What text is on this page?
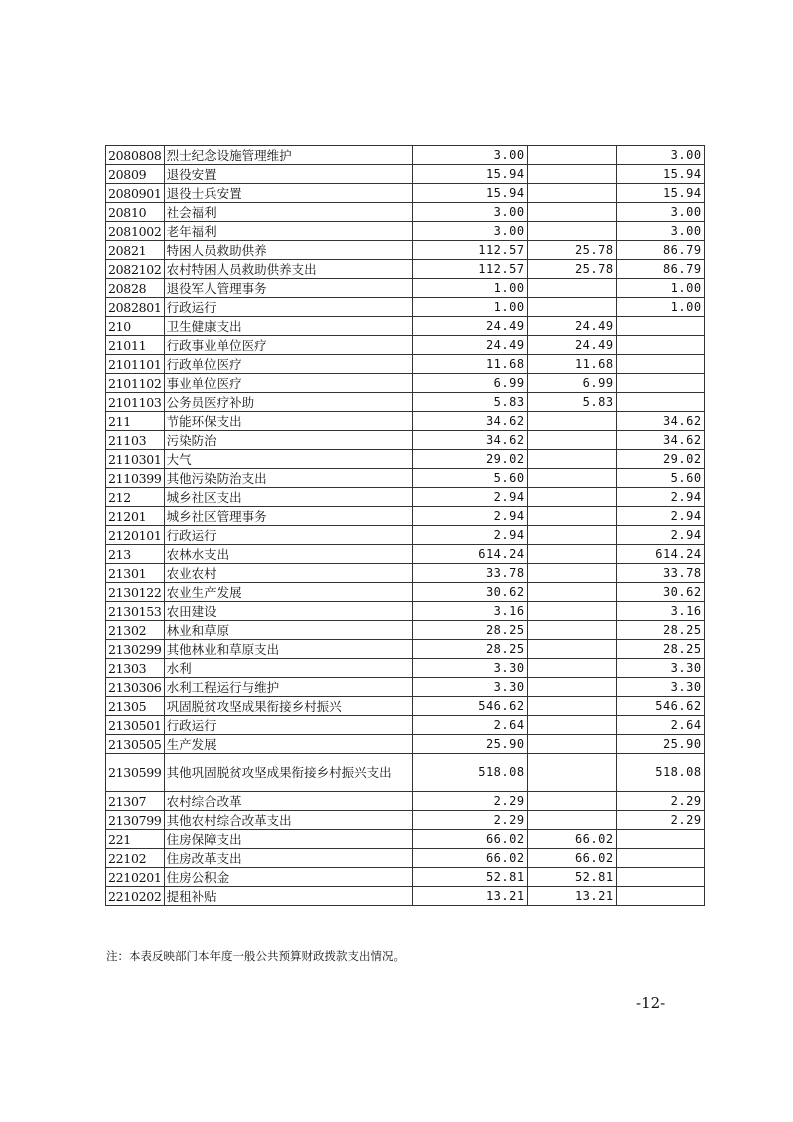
2080808	烈士纪念设施管理维护	3.00		3.00
20809	退役安置	15.94		15.94
2080901	退役士兵安置	15.94		15.94
20810	社会福利	3.00		3.00
2081002	老年福利	3.00		3.00
20821	特困人员救助供养	112.57	25.78	86.79
2082102	农村特困人员救助供养支出	112.57	25.78	86.79
20828	退役军人管理事务	1.00		1.00
2082801	行政运行	1.00		1.00
210	卫生健康支出	24.49	24.49	
21011	行政事业单位医疗	24.49	24.49	
2101101	行政单位医疗	11.68	11.68	
2101102	事业单位医疗	6.99	6.99	
2101103	公务员医疗补助	5.83	5.83	
211	节能环保支出	34.62		34.62
21103	污染防治	34.62		34.62
2110301	大气	29.02		29.02
2110399	其他污染防治支出	5.60		5.60
212	城乡社区支出	2.94		2.94
21201	城乡社区管理事务	2.94		2.94
2120101	行政运行	2.94		2.94
213	农林水支出	614.24		614.24
21301	农业农村	33.78		33.78
2130122	农业生产发展	30.62		30.62
2130153	农田建设	3.16		3.16
21302	林业和草原	28.25		28.25
2130299	其他林业和草原支出	28.25		28.25
21303	水利	3.30		3.30
2130306	水利工程运行与维护	3.30		3.30
21305	巩固脱贫攻坚成果衔接乡村振兴	546.62		546.62
2130501	行政运行	2.64		2.64
2130505	生产发展	25.90		25.90
2130599	其他巩固脱贫攻坚成果衔接乡村振兴支出	518.08		518.08
21307	农村综合改革	2.29		2.29
2130799	其他农村综合改革支出	2.29		2.29
221	住房保障支出	66.02	66.02	
22102	住房改革支出	66.02	66.02	
2210201	住房公积金	52.81	52.81	
2210202	提租补贴	13.21	13.21	
注：本表反映部门本年度一般公共预算财政拨款支出情况。
-12-
